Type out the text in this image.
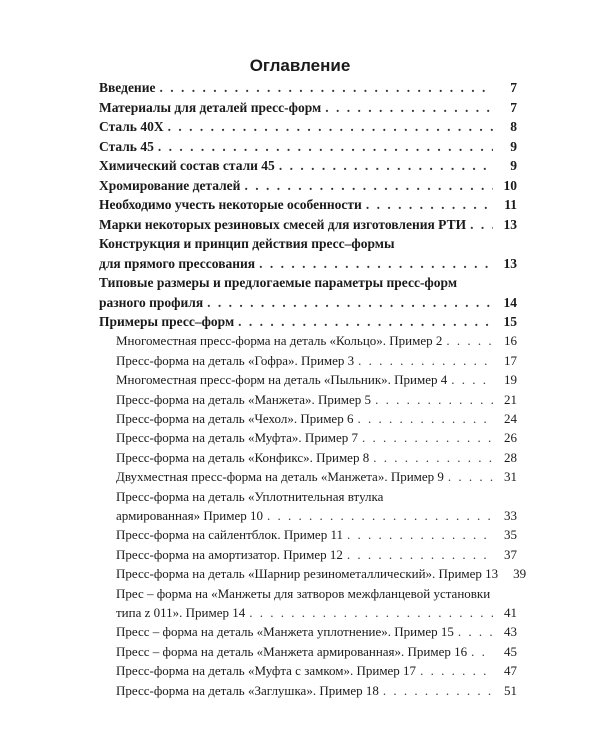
Оглавление
Введение . . .	7
Материалы для деталей пресс-форм . . .	7
Сталь 40Х . . .	8
Сталь 45 . . .	9
Химический состав стали 45 . . .	9
Хромирование деталей . . .	10
Необходимо учесть некоторые особенности . . .	11
Марки некоторых резиновых смесей для изготовления РТИ . . .	13
Конструкция и принцип действия пресс–формы
для прямого прессования . . .	13
Типовые размеры и предлогаемые параметры пресс-форм
разного профиля . . .	14
Примеры пресс–форм . . .	15
Многоместная пресс-форма на деталь «Кольцо». Пример 2 . . .	16
Пресс-форма на деталь «Гофра». Пример 3 . . .	17
Многоместная пресс-форм на деталь «Пыльник». Пример 4 . . .	19
Пресс-форма на деталь «Манжета». Пример 5 . . .	21
Пресс-форма на деталь «Чехол». Пример 6 . . .	24
Пресс-форма на деталь «Муфта». Пример 7 . . .	26
Пресс-форма на деталь «Конфикс». Пример 8 . . .	28
Двухместная пресс-форма на деталь «Манжета». Пример 9 . . .	31
Пресс-форма на деталь «Уплотнительная втулка
армированная» Пример 10 . . .	33
Пресс-форма на сайлентблок. Пример 11 . . .	35
Пресс-форма на амортизатор. Пример 12 . . .	37
Пресс-форма на деталь «Шарнир резинометаллический». Пример 13	39
Прес – форма на «Манжеты для затворов межфланцевой установки
типа z 011». Пример 14 . . .	41
Пресс – форма на деталь «Манжета уплотнение». Пример 15 . . .	43
Пресс – форма на деталь «Манжета армированная». Пример 16 . . .	45
Пресс-форма на деталь «Муфта с замком». Пример 17 . . .	47
Пресс-форма на деталь «Заглушка». Пример 18 . . .	51
